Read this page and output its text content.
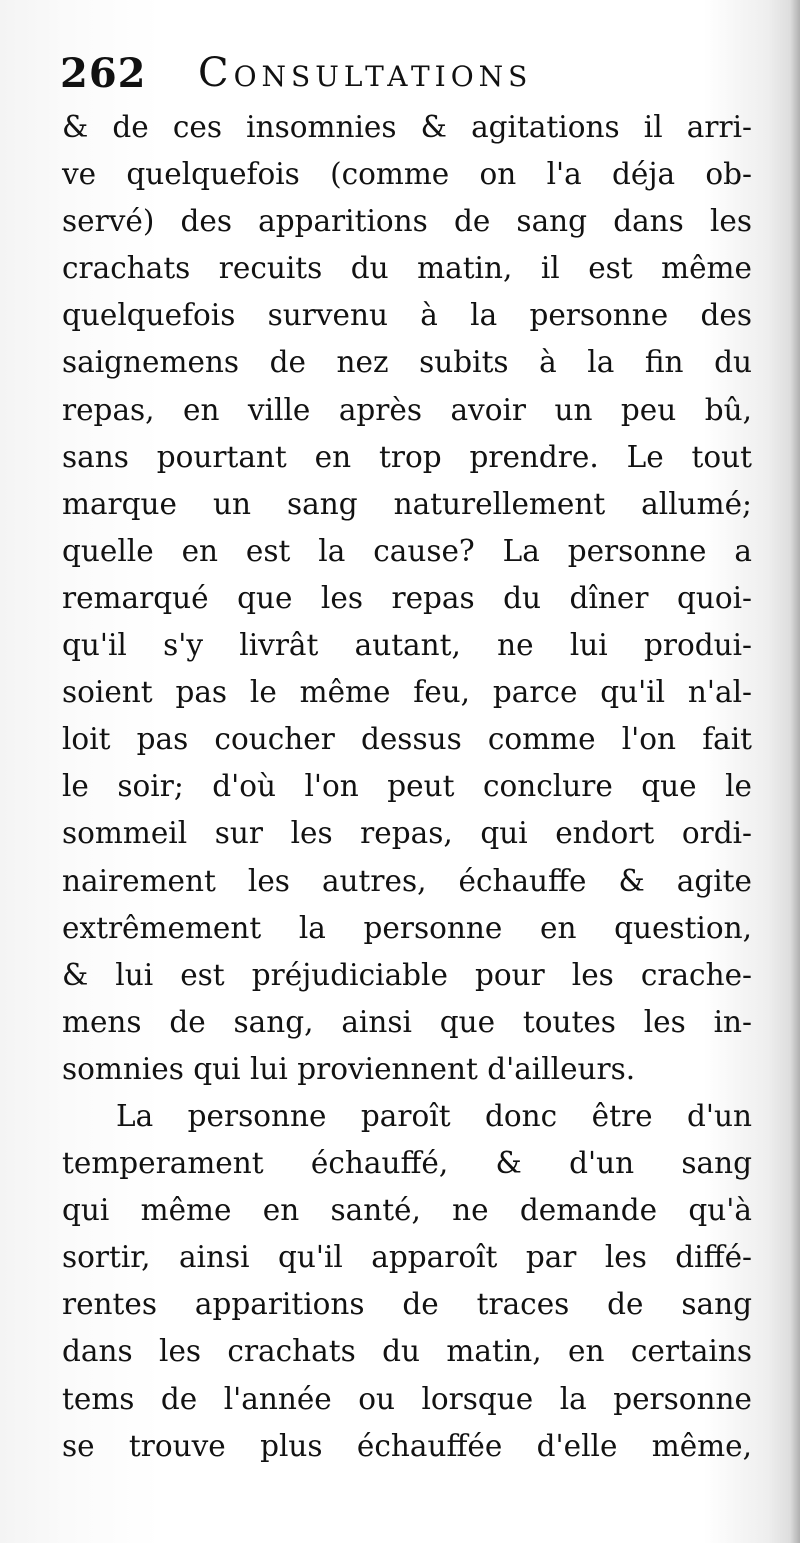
262 Consultations
& de ces insomnies & agitations il arri-
ve quelquefois (comme on l'a déja ob-
servé) des apparitions de sang dans les
crachats recuits du matin, il est même
quelquefois survenu à la personne des
saignemens de nez subits à la fin du
repas, en ville après avoir un peu bû,
sans pourtant en trop prendre. Le tout
marque un sang naturellement allumé;
quelle en est la cause? La personne a
remarqué que les repas du dîner quoi-
qu'il s'y livrât autant, ne lui produi-
soient pas le même feu, parce qu'il n'al-
loit pas coucher dessus comme l'on fait
le soir; d'où l'on peut conclure que le
sommeil sur les repas, qui endort ordi-
nairement les autres, échauffe & agite
extrêmement la personne en question,
& lui est préjudiciable pour les crache-
mens de sang, ainsi que toutes les in-
somnies qui lui proviennent d'ailleurs.
La personne paroît donc être d'un
temperament échauffé, & d'un sang
qui même en santé, ne demande qu'à
sortir, ainsi qu'il apparoît par les diffé-
rentes apparitions de traces de sang
dans les crachats du matin, en certains
tems de l'année ou lorsque la personne
se trouve plus échauffée d'elle même,
